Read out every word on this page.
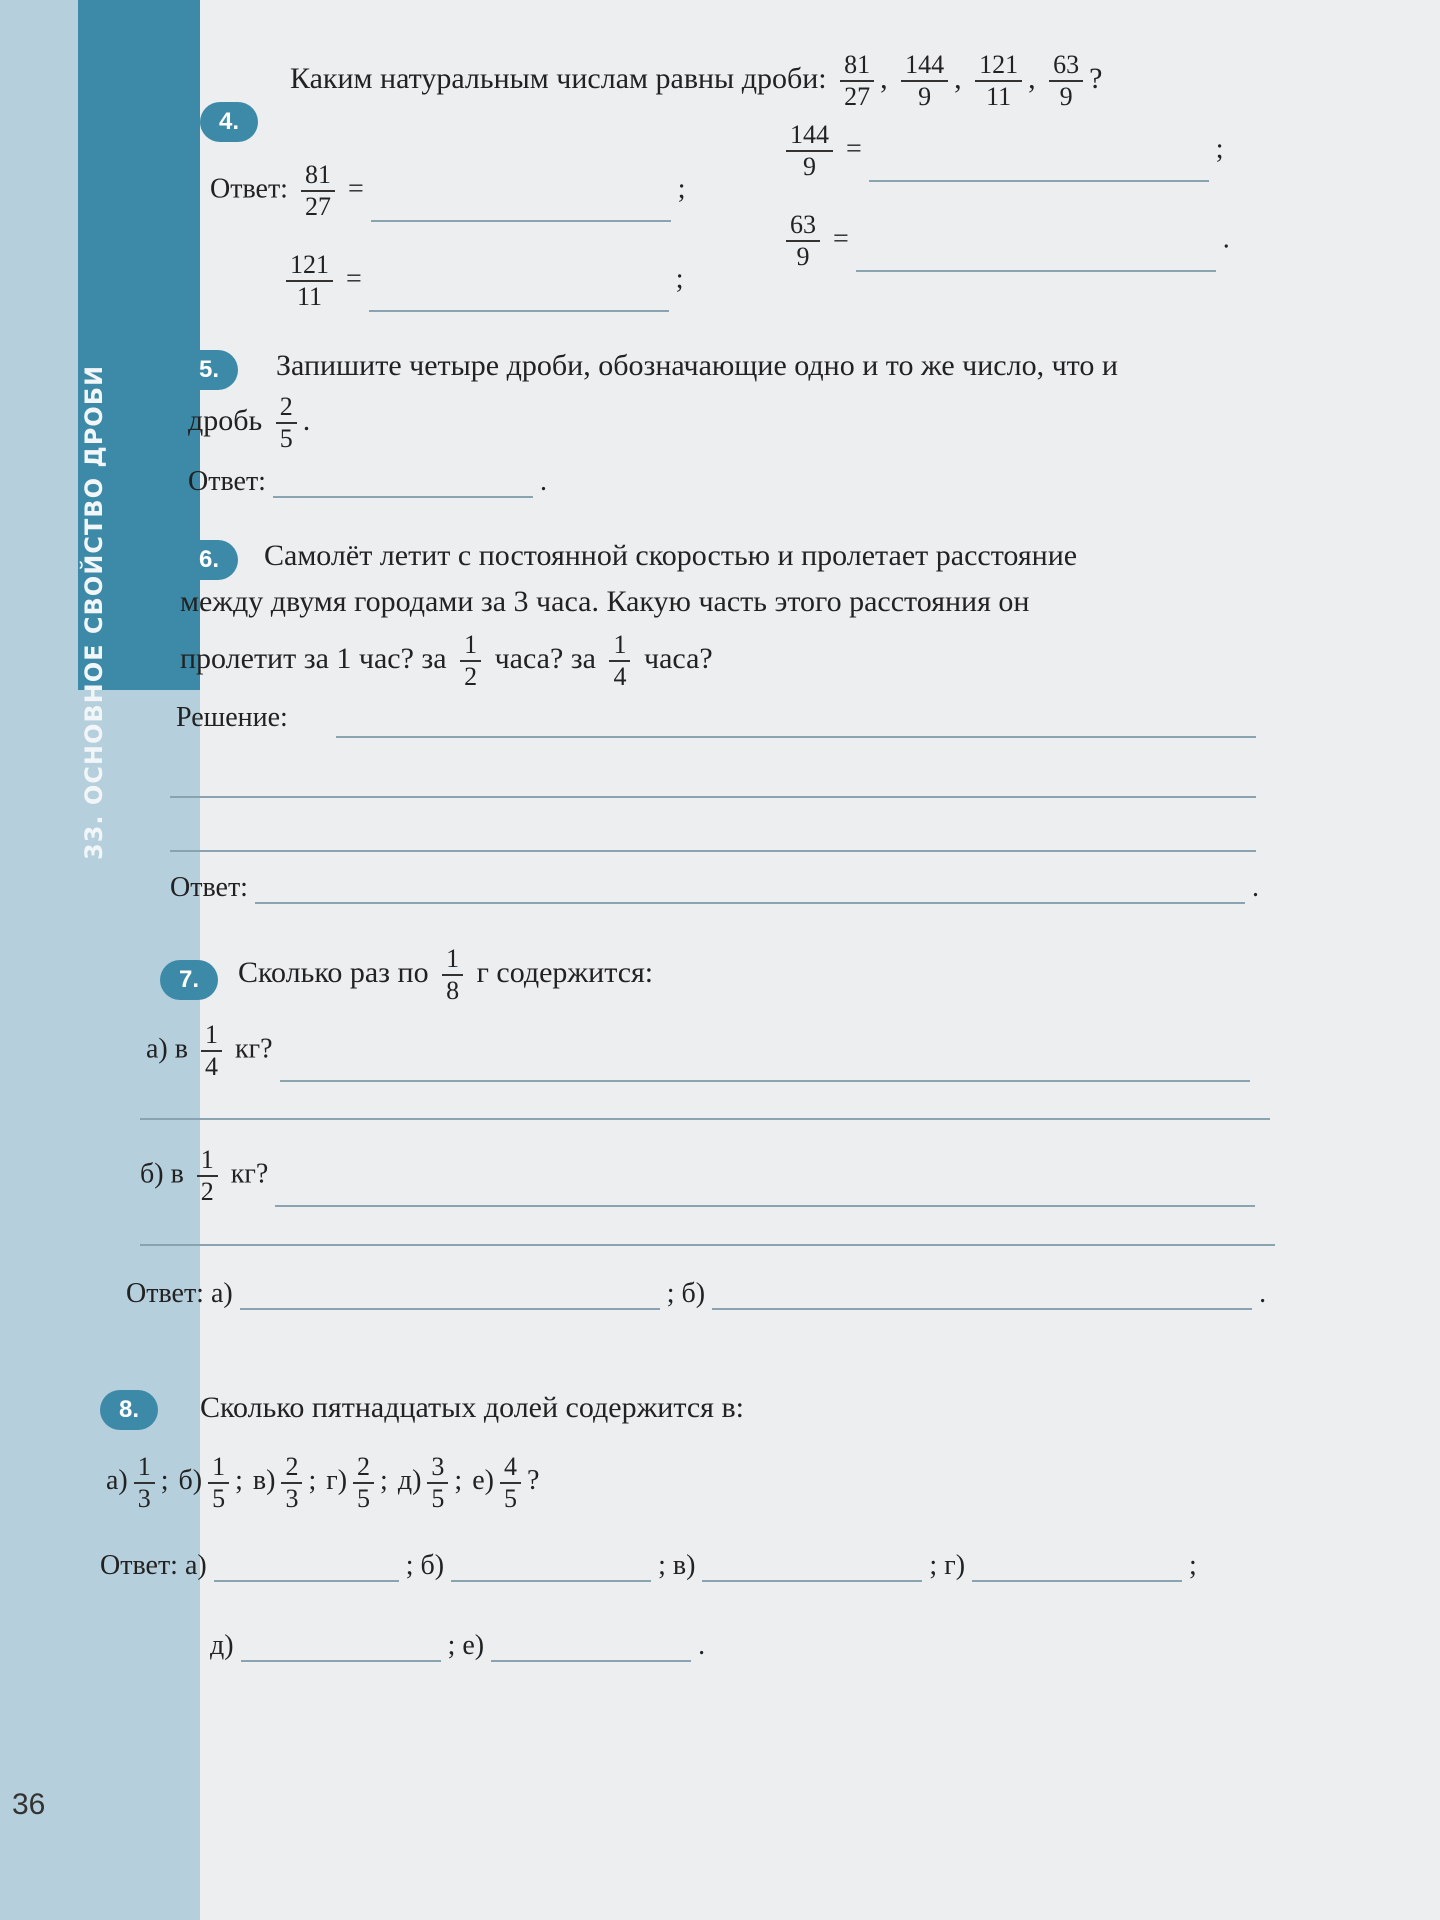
33. ОСНОВНОЕ СВОЙСТВО ДРОБИ
36
4.
Каким натуральным числам равны дроби: $\frac{81}{27}$ , $\frac{144}{9}$ , $\frac{121}{11}$ , $\frac{63}{9}$ ?
Ответ: $\frac{81}{27}$ =	;
$\frac{144}{9}$ =	;
$\frac{121}{11}$ =	;
$\frac{63}{9}$ =	.
5.	Запишите четыре дроби, обозначающие одно и то же число, что и
дробь $\frac{2}{5}$ .
Ответ:	.
6.	Самолёт летит с постоянной скоростью и пролетает расстояние
между двумя городами за 3 часа. Какую часть этого расстояния он
пролетит за 1 час? за $\frac{1}{2}$ часа? за $\frac{1}{4}$ часа?
Решение:
Ответ:	.
7.	Сколько раз по $\frac{1}{8}$ г содержится:
а) в $\frac{1}{4}$ кг?
б) в $\frac{1}{2}$ кг?
Ответ: а)	; б)	.
8.	Сколько пятнадцатых долей содержится в:
$а) \frac{1}{3}$ ; $б) \frac{1}{5}$ ; $в) \frac{2}{3}$ ; $г) \frac{2}{5}$ ; $д) \frac{3}{5}$ ; $е) \frac{4}{5}$ ?
Ответ: а)	; б)	; в)	; г)	;
д)	; е)	.
